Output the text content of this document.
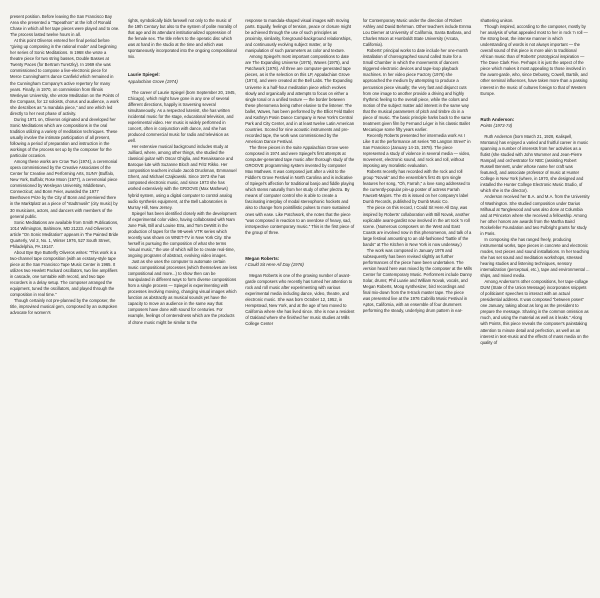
present position. Before leaving the San Francisco Bay Area she presented a "Tapeathon" at the loft of Ronald Chase in which all her tape pieces were played and to one. The process lasted twelve hours in all.

At this point Oliveros entered her final period before "giving up composing in the rational mode" and beginning her series of Sonic Meditations. In 1968 she wrote a theatre piece for two string basses, Double Basses at Twenty Paces (for Bertram Turetzky). In 1969 she was commissioned to compose a live-electronic piece for Merce Cunningham's dance Canfield which remained in the Cunningham Company's active repertory for many years. Finally, in 1970, on commission from Illinois Wesleyan University, she wrote Meditation on the Points of the Compass, for 12 soloists, chorus and audience, a work she describes as "a mandala piece," and one which led directly to her next phase of activity.

During 1971 on, Oliveros originated and developed her Sonic Meditations which are compositions in the oral tradition utilizing a variety of meditation techniques. These usually involve the intimate participation of all present, following a period of preparation and instruction in the workings of the process set up by the composer for the particular occasion.

Among these works are Crow Two (1974), a ceremonial opera commissioned by the Creative Associates of the Center for Creative and Performing Arts, SUNY (Buffalo, New York, Buffalo; Rose Moon (1977), a ceremonial piece commissioned by Wesleyan University, Middletown, Connecticut; and Bonn Feier, awarded the 1977 Beethoven Prize by the City of Bonn and premiered there in the Marktplatz as a piece of "stadtmusik" (city music) by 30 musicians, actors, and dancers with members of the general public.

Sonic Meditations are available from Smith Publications, 1014 Wilmington, Baltimore, MD 21223. And Oliveros's article "On Sonic Meditation" appears in The Painted Bride Quarterly, Vol 2, No. 1, Winter 1976, 527 South Street, Philadelphia, PA 19147.

About Bye Bye Butterfly Oliveros writes: "This work is a two-channel tape composition (with an ecstasy-style tape piece at the San Francisco Tape Music Center in 1965. It utilizes two Hewlett Packard oscillators, two line amplifiers in cascade, one turntable with record, and two tape recorders in a delay setup. The composer arranged the equipment, tuned the oscillators, and played through the composition in real time."

Though certainly not pre-planned by the composer, the title, improvised musical gem, composed by an outspoken advocate for women's

rights, symbolically bids farewell not only to the music of the 19th Century but also to the system of polite morality of that age and its attendant institutionalized oppression of the female sex. The title refers to the operatic disc which was at hand in the studio at the time and which was spontaneously incorporated into the ongoing compositional mix.

Laurie Spiegel:
Appalachian Grove (1974)

The career of Laurie Spiegel (born September 20, 1945, Chicago), which might have gone in any one of several different directions, happily is traversing several simultaneously. As a respected lutenist, she has written incidental music for the stage, educational television, and experimental video. Her music is widely performed in concert, often in conjunction with dance, and she has produced commercial music for radio and television as well.

Her extensive musical background includes study at Juilliard, where, among other things, she studied the classical guitar with Oscar Ghiglia, and Renaissance and Baroque lute with Suzanne Bloch and Fritz Rikko. Her composition teachers include Jacob Druckman, Emmanuel Ghent, and Michael Czajkowski. Since 1973 she has composed electronic music, and since 1973 she has worked extensively with the GROOVE (Max Mathews) hybrid system, using a digital computer to control analog audio synthesis equipment, at the Bell Laboratories in Murray Hill, New Jersey.

Spiegel has been identified closely with the development of experimental color video, having collaborated with Nam June Paik, Bill and Louise Etra, and Tom DeWitt in the production of tapes for the 98-week VTR series which recently was shown on WNET-TV in New York City. She herself is pursuing the composition of what she terms "visual music," the use of which will be to create real-time, ongoing programs of abstract, evolving video images.

Just as she uses the computer to automate certain music compositional processes (which themselves are less compositional and more...) to show then can be manipulated in different ways to form diverse compositions from a single process — Spiegel is experimenting with processes involving moving, changing visual images which function as abstractly as musical sounds yet have the capacity to move an audience in the same way that composers have done with sound for centuries. For example, feelings of centeredness which are the products of drone music might be similar to the

response to mandala-shaped visual images with moving parts. Equally, feelings of tension, peace or closure might be achieved through the use of such principles as proximity, similarity, foreground-background relationships, and continuously evolving subject matter, or by manipulation of such parameters as color and texture.

Among Spiegel's most important compositions to date are The Expanding Universe (1975), Waves (1975), and Patchwork (1976). All three are computer-generated tape pieces, as is the selection on this LP, Appalachian Grove (1974), and were created at the Bell Labs. The Expanding Universe is a half-hour meditation piece which evolves slowly and organically and attempts to focus on either a single tonal or a unified texture — the border between these phenomena being rather elusive to the listener. The ballet, Waves, has been performed by the Elliot Feld Ballet and Kathryn Posin Dance Company in New York's Central Park and City Center, and in at least twelve Latin American countries. Scored for nine acoustic instruments and pre-recorded tape, the work was commissioned by the American Dance Festival.

The three pieces in the suite Appalachian Grove were composed in 1974 and were Spiegel's first attempts at computer-generated tape music after thorough study of the GROOVE programming system invented by composer Max Mathews. It was composed just after a visit to the Fiddler's Grove Festival in North Carolina and is indicative of Spiegel's affection for traditional banjo and fiddle playing which stems naturally from her study of other plectra. By means of computer control she is able to create a fascinating interplay of modal stereophonic hockets and also to change from pointillistic pulses to more sustained ones with ease. Like Patchwork, she notes that the piece "was composed in reaction to an overdose of heavy, sad, introspective contemporary music." This is the first piece of the group of three.

Megan Roberts:
I Could Sit Here All Day (1976)

Megan Roberts is one of the growing number of avant-garde composers who recently has turned her attention to rock and roll music after experimenting with various experimental media including dance, video, theatre, and electronic music. She was born October 12, 1952, in Hempstead, New York, and at the age of two moved to California where she has lived since. She is now a resident of Oakland where she finished her music studies at Mills College Center

for Contemporary Music under the direction of Robert Ashley and David Behrman. Other teachers include Emma Lou Diemer at University of California, Santa Barbara, and Charles Moon at Humboldt State University (Arcata, California).

Roberts' principal works to date include her one-month installation of choreographed sound called Suite for a Small Chamber in which the movements of dancers triggered electronic devices and tape-loop playback machines. In her video piece Factory (1976) she approached the medium by attempting to produce a percussion piece visually; the very fast and disjunct cuts from one image to another provide a driving and highly rhythmic feeling to the overall piece, while the colors and motion of the subject matter add interest in the same way that the musical parameters of pitch and timbre do in a piece of music. The basic principle harks back to the same treatment given film by Fernand Léger in his classic Ballet Mecanique some fifty years earlier.

Recently Roberts presented her intermedia work As I Like It at the performance art series "80 Langton Street" in San Francisco (January 14-15, 1978). The piece represented a study of violence in several media — video, movement, electronic sound, and rock and roll, without imposing any moralistic evaluation.

Roberts recently has recorded with the rock and roll group "Novak" and the ensemble's first 45 rpm single features her song, "Oh, Farrah," a love song addressed to the currently-popular pin-up poster of actress Farrah Fawcett-Majors. The 45 is issued on her company's label Dumb Records, published by Dumb Music Co.

The piece on this record, I Could Sit Here All Day, was inspired by Roberts' collaboration with Bill Novak, another explicable avant-gardist now involved in the art rock 'n roll scene. (Numerous composers on the West and East Coasts are involved now in this phenomenon, and talk of a large festival amounting to an old-fashioned "battle of the bands" at The Kitchen in New York is now underway.)

The work was composed in January 1976 and subsequently has been revised slightly as further performances of the piece have been undertaken. The version heard here was mixed by the composer at the Mills Center for Contemporary Music. Performers include Danny Solar, drums; Phil Luarie and William Novak, vocals, and Megan Roberts, Moog synthesizer, bird recordings and final mix-down from the 8-track master tape. The piece was presented live at the 1976 Cabrillo Music Festival in Aptos, California, with an ensemble of four drummers performing the steady, underlying drum pattern in ear-

shattering unison.

Though inspired, according to the composer, mostly by her analysis of what appealed most to her in rock 'n roll — the strong beat, the intense manner in which understanding of words is not always important — the overall sound of this piece is more akin to traditional African music than of Roberts' prototypical inspiration — The Dave Clark Five. Perhaps it is just the aspect of the piece which makes it most appealing to those involved in the avant-garde, who, since Debussy, Cowell, Bartók, and other seminal influences, have taken more than a passing interest in the music of cultures foreign to that of Western Europe.

Ruth Anderson:
Points (1973-74)

Ruth Anderson (born March 21, 1928, Kalispell, Montana) has enjoyed a varied and fruitful career in music spanning a number of interests from her activities as a flutist (she studied with John Wummer and Jean-Pierre Rampal) and orchestrator for NBC (assisting Robert Russell Bennett, under whose name her craft was featured), and associate professor of music at Hunter College in New York (where, in 1970, she designed and installed the Hunter College Electronic Music Studio, of which she is the director).

Anderson received her B.A. and M.A. from the University of Washington. She studied composition under Darius Milhaud at Tanglewood and was also done at Columbia and at Princeton where she received a fellowship. Among her other honors are awards from the Martha Baird Rockefeller Foundation and two Fulbright grants for study in Paris.

In composing she has ranged freely, producing instrumental works, tape pieces in concrete and electronic modes, text pieces and sound installations. In her teaching she has set sound and meditation workshops, stressed hearing studies and listening techniques, sensory internalization (perceptual, etc.), tape and environmental ... ships, and mixed media.

Among Anderson's other compositions, her tape-collage DUM (State of the Union Message) incorporates snippets of politicians' speeches to interact with an actual presidential address. It was composed "between poses" one January, taking about as long as the president to prepare the message. Sharing in the common omission as much, and using the material as well as it leaks." Along with Points, this piece reveals the composer's painstaking attention to minute detail and perfection, as well as an interest in text-music and the effects of mass media on the quality of
